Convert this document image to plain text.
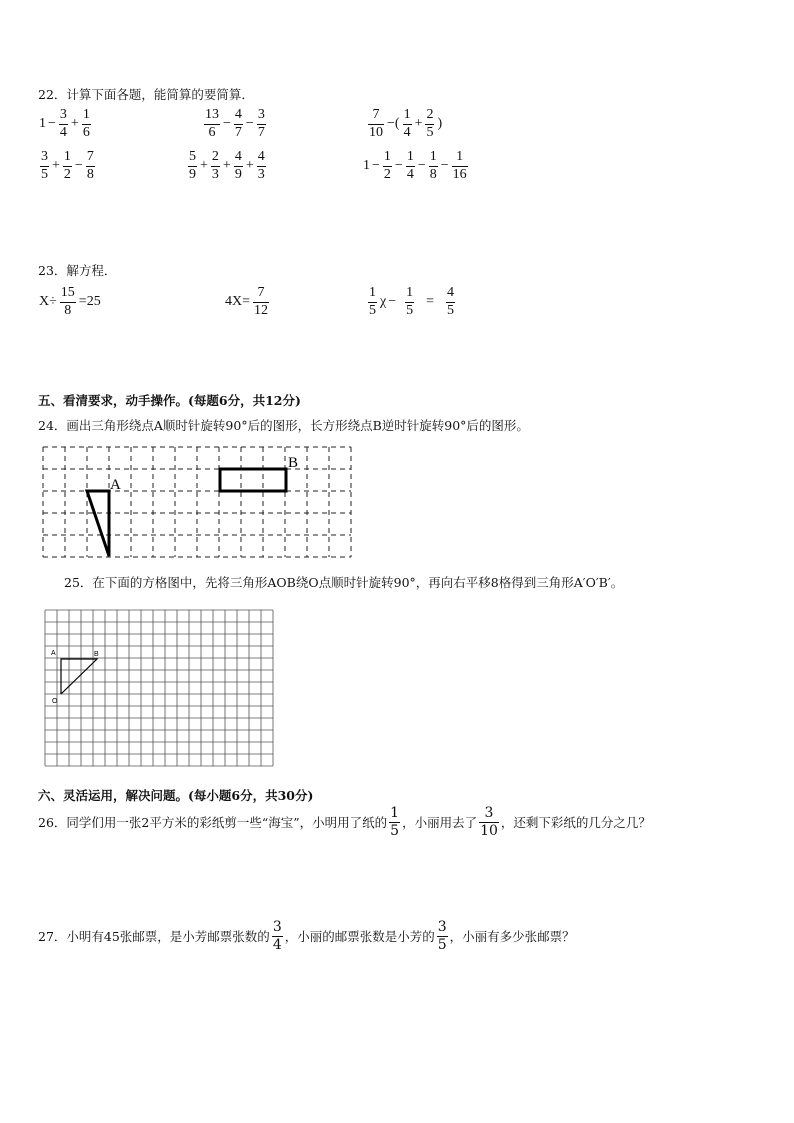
22．计算下面各题，能简算的要简算．
$1 - \frac{3}{4} + \frac{1}{6}$	$\frac{13}{6} - \frac{4}{7} - \frac{3}{7}$	$\frac{7}{10}$ −( $\frac{1}{4} + \frac{2}{5}$ )
$\frac{3}{5} + \frac{1}{2} - \frac{7}{8}$	$\frac{5}{9} + \frac{2}{3} + \frac{4}{9} + \frac{4}{3}$	$1 - \frac{1}{2} - \frac{1}{4} - \frac{1}{8} - \frac{1}{16}$
23．解方程．
$X\div \frac{15}{8} =25$	$4X= \frac{7}{12}$	$\frac{1}{5}$ $\chi - \frac{1}{5} = \frac{4}{5}$
五、看清要求，动手操作。(每题6分，共12分)
24．画出三角形绕点A顺时针旋转90°后的图形，长方形绕点B逆时针旋转90°后的图形。
A
B
25．在下面的方格图中，先将三角形AOB绕O点顺时针旋转90°，再向右平移8格得到三角形A′O′B′。
A	B
O
六、灵活运用，解决问题。(每小题6分，共30分)
26．同学们用一张2平方米的彩纸剪一些“海宝”，小明用了纸的 $\frac{1}{5}$ ，小丽用去了 $\frac{3}{10}$ ，还剩下彩纸的几分之几？
27．小明有45张邮票，是小芳邮票张数的 $\frac{3}{4}$ ，小丽的邮票张数是小芳的 $\frac{3}{5}$ ，小丽有多少张邮票？
